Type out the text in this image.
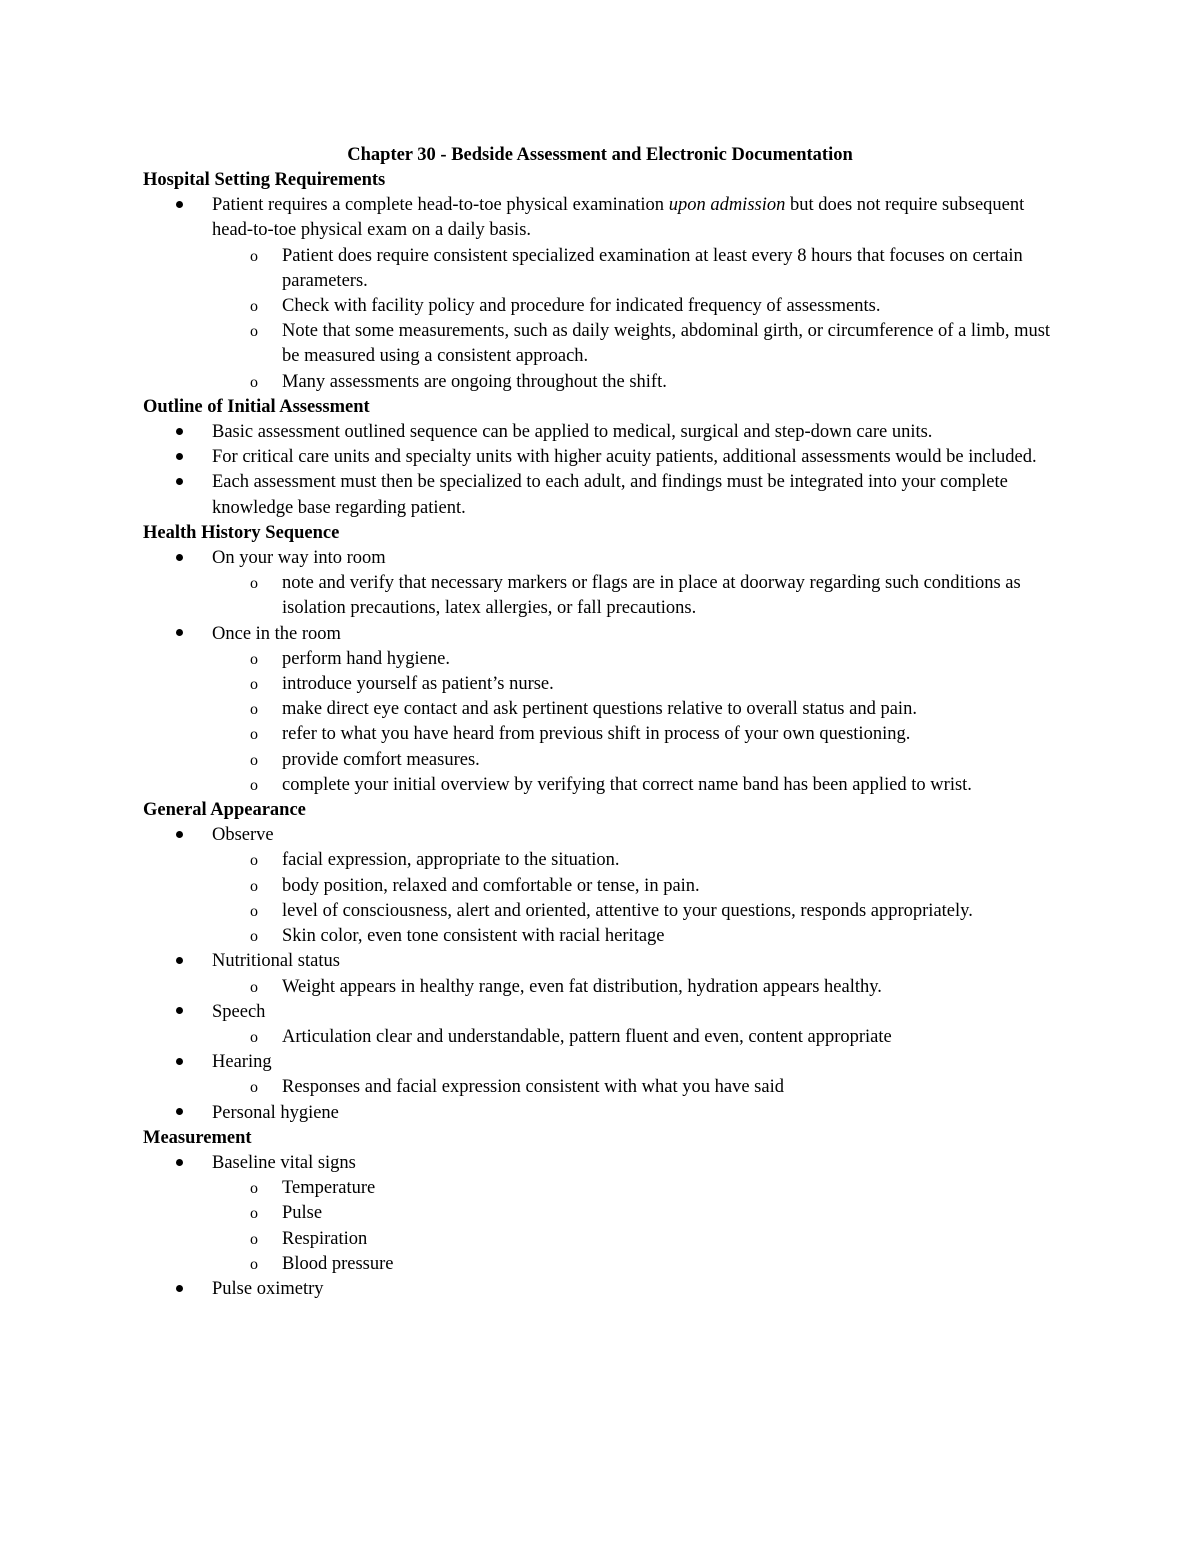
Chapter 30 - Bedside Assessment and Electronic Documentation
Hospital Setting Requirements
Patient requires a complete head-to-toe physical examination upon admission but does not require subsequent head-to-toe physical exam on a daily basis.
o Patient does require consistent specialized examination at least every 8 hours that focuses on certain parameters.
o Check with facility policy and procedure for indicated frequency of assessments.
o Note that some measurements, such as daily weights, abdominal girth, or circumference of a limb, must be measured using a consistent approach.
o Many assessments are ongoing throughout the shift.
Outline of Initial Assessment
Basic assessment outlined sequence can be applied to medical, surgical and step-down care units.
For critical care units and specialty units with higher acuity patients, additional assessments would be included.
Each assessment must then be specialized to each adult, and findings must be integrated into your complete knowledge base regarding patient.
Health History Sequence
On your way into room
o note and verify that necessary markers or flags are in place at doorway regarding such conditions as isolation precautions, latex allergies, or fall precautions.
Once in the room
o perform hand hygiene.
o introduce yourself as patient’s nurse.
o make direct eye contact and ask pertinent questions relative to overall status and pain.
o refer to what you have heard from previous shift in process of your own questioning.
o provide comfort measures.
o complete your initial overview by verifying that correct name band has been applied to wrist.
General Appearance
Observe
o facial expression, appropriate to the situation.
o body position, relaxed and comfortable or tense, in pain.
o level of consciousness, alert and oriented, attentive to your questions, responds appropriately.
o Skin color, even tone consistent with racial heritage
Nutritional status
o Weight appears in healthy range, even fat distribution, hydration appears healthy.
Speech
o Articulation clear and understandable, pattern fluent and even, content appropriate
Hearing
o Responses and facial expression consistent with what you have said
Personal hygiene
Measurement
Baseline vital signs
o Temperature
o Pulse
o Respiration
o Blood pressure
Pulse oximetry
